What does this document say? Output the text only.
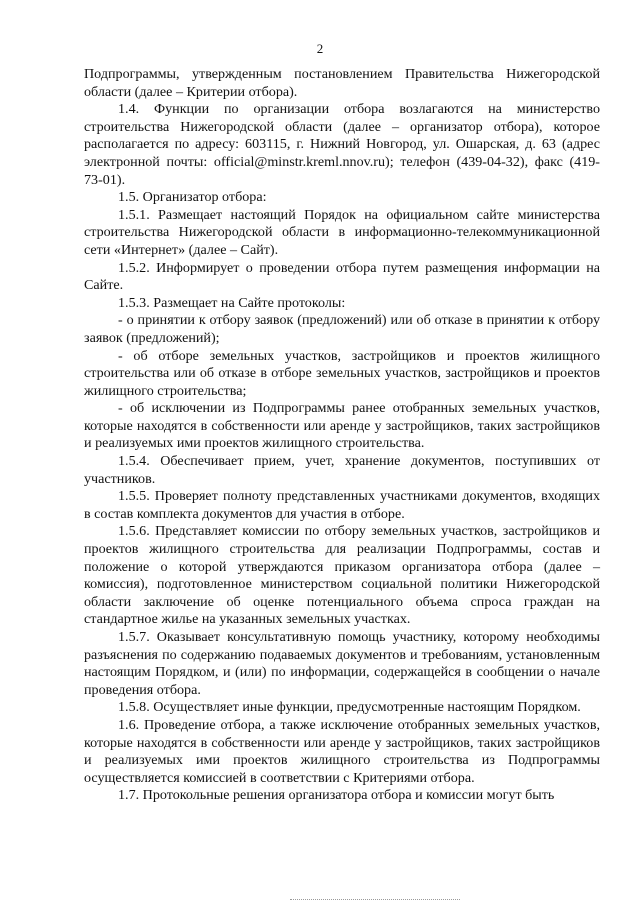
2

Подпрограммы, утвержденным постановлением Правительства Нижегородской области (далее – Критерии отбора).

1.4. Функции по организации отбора возлагаются на министерство строительства Нижегородской области (далее – организатор отбора), которое располагается по адресу: 603115, г. Нижний Новгород, ул. Ошарская, д. 63 (адрес электронной почты: official@minstr.kreml.nnov.ru); телефон (439-04-32), факс (419-73-01).

1.5. Организатор отбора:

1.5.1. Размещает настоящий Порядок на официальном сайте министерства строительства Нижегородской области в информационно-телекоммуникационной сети «Интернет» (далее – Сайт).

1.5.2. Информирует о проведении отбора путем размещения информации на Сайте.

1.5.3. Размещает на Сайте протоколы:

- о принятии к отбору заявок (предложений) или об отказе в принятии к отбору заявок (предложений);

- об отборе земельных участков, застройщиков и проектов жилищного строительства или об отказе в отборе земельных участков, застройщиков и проектов жилищного строительства;

- об исключении из Подпрограммы ранее отобранных земельных участков, которые находятся в собственности или аренде у застройщиков, таких застройщиков и реализуемых ими проектов жилищного строительства.

1.5.4. Обеспечивает прием, учет, хранение документов, поступивших от участников.

1.5.5. Проверяет полноту представленных участниками документов, входящих в состав комплекта документов для участия в отборе.

1.5.6. Представляет комиссии по отбору земельных участков, застройщиков и проектов жилищного строительства для реализации Подпрограммы, состав и положение о которой утверждаются приказом организатора отбора (далее – комиссия), подготовленное министерством социальной политики Нижегородской области заключение об оценке потенциального объема спроса граждан на стандартное жилье на указанных земельных участках.

1.5.7. Оказывает консультативную помощь участнику, которому необходимы разъяснения по содержанию подаваемых документов и требованиям, установленным настоящим Порядком, и (или) по информации, содержащейся в сообщении о начале проведения отбора.

1.5.8. Осуществляет иные функции, предусмотренные настоящим Порядком.

1.6. Проведение отбора, а также исключение отобранных земельных участков, которые находятся в собственности или аренде у застройщиков, таких застройщиков и реализуемых ими проектов жилищного строительства из Подпрограммы осуществляется комиссией в соответствии с Критериями отбора.

1.7. Протокольные решения организатора отбора и комиссии могут быть
